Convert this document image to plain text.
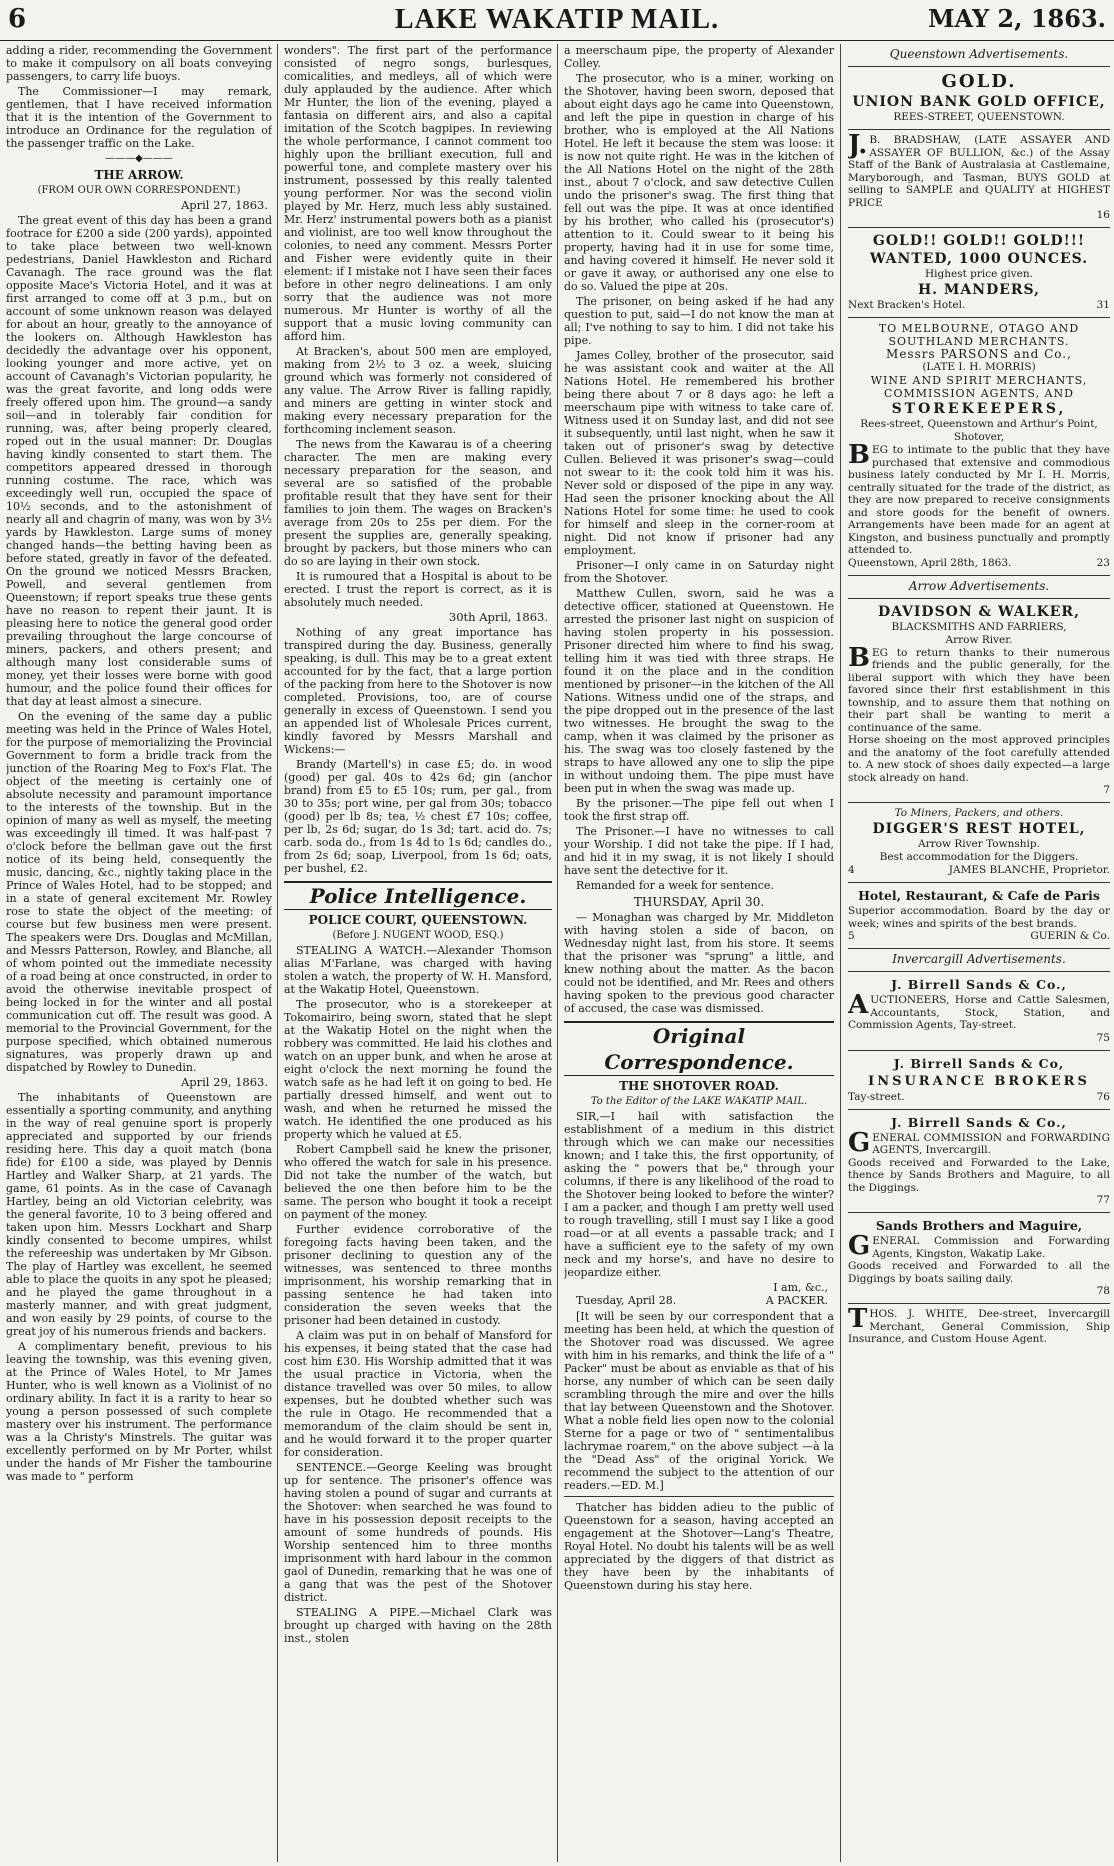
6	LAKE WAKATIP MAIL.	MAY 2, 1863.

adding a rider, recommending the Government to make it compulsory on all boats conveying passengers, to carry life buoys.

The Commissioner—I may remark, gentlemen, that I have received information that it is the intention of the Government to introduce an Ordinance for the regulation of the passenger traffic on the Lake.

———◆———
THE ARROW.
(FROM OUR OWN CORRESPONDENT.)
April 27, 1863.

The great event of this day has been a grand footrace for £200 a side (200 yards), appointed to take place between two well-known pedestrians, Daniel Hawkleston and Richard Cavanagh. The race ground was the flat opposite Mace's Victoria Hotel, and it was at first arranged to come off at 3 p.m., but on account of some unknown reason was delayed for about an hour, greatly to the annoyance of the lookers on. Although Hawkleston has decidedly the advantage over his opponent, looking younger and more active, yet on account of Cavanagh's Victorian popularity, he was the great favorite, and long odds were freely offered upon him. The ground—a sandy soil—and in tolerably fair condition for running, was, after being properly cleared, roped out in the usual manner: Dr. Douglas having kindly consented to start them. The competitors appeared dressed in thorough running costume. The race, which was exceedingly well run, occupied the space of 10½ seconds, and to the astonishment of nearly all and chagrin of many, was won by 3½ yards by Hawkleston. Large sums of money changed hands—the betting having been as before stated, greatly in favor of the defeated. On the ground we noticed Messrs Bracken, Powell, and several gentlemen from Queenstown; if report speaks true these gents have no reason to repent their jaunt. It is pleasing here to notice the general good order prevailing throughout the large concourse of miners, packers, and others present; and although many lost considerable sums of money, yet their losses were borne with good humour, and the police found their offices for that day at least almost a sinecure.

On the evening of the same day a public meeting was held in the Prince of Wales Hotel, for the purpose of memorializing the Provincial Government to form a bridle track from the junction of the Roaring Meg to Fox's Flat. The object of the meeting is certainly one of absolute necessity and paramount importance to the interests of the township. But in the opinion of many as well as myself, the meeting was exceedingly ill timed. It was half-past 7 o'clock before the bellman gave out the first notice of its being held, consequently the music, dancing, &c., nightly taking place in the Prince of Wales Hotel, had to be stopped; and in a state of general excitement Mr. Rowley rose to state the object of the meeting: of course but few business men were present. The speakers were Drs. Douglas and McMillan, and Messrs Patterson, Rowley, and Blanche, all of whom pointed out the immediate necessity of a road being at once constructed, in order to avoid the otherwise inevitable prospect of being locked in for the winter and all postal communication cut off. The result was good. A memorial to the Provincial Government, for the purpose specified, which obtained numerous signatures, was properly drawn up and dispatched by Rowley to Dunedin.

April 29, 1863.

The inhabitants of Queenstown are essentially a sporting community, and anything in the way of real genuine sport is properly appreciated and supported by our friends residing here. This day a quoit match (bona fide) for £100 a side, was played by Dennis Hartley and Walker Sharp, at 21 yards. The game, 61 points. As in the case of Cavanagh Hartley, being an old Victorian celebrity, was the general favorite, 10 to 3 being offered and taken upon him. Messrs Lockhart and Sharp kindly consented to become umpires, whilst the refereeship was undertaken by Mr Gibson. The play of Hartley was excellent, he seemed able to place the quoits in any spot he pleased; and he played the game throughout in a masterly manner, and with great judgment, and won easily by 29 points, of course to the great joy of his numerous friends and backers.

A complimentary benefit, previous to his leaving the township, was this evening given, at the Prince of Wales Hotel, to Mr James Hunter, who is well known as a Violinist of no ordinary ability. In fact it is a rarity to hear so young a person possessed of such complete mastery over his instrument. The performance was a la Christy's Minstrels. The guitar was excellently performed on by Mr Porter, whilst under the hands of Mr Fisher the tambourine was made to " perform

wonders". The first part of the performance consisted of negro songs, burlesques, comicalities, and medleys, all of which were duly applauded by the audience. After which Mr Hunter, the lion of the evening, played a fantasia on different airs, and also a capital imitation of the Scotch bagpipes. In reviewing the whole performance, I cannot comment too highly upon the brilliant execution, full and powerful tone, and complete mastery over his instrument, possessed by this really talented young performer. Nor was the second violin played by Mr. Herz, much less ably sustained. Mr. Herz' instrumental powers both as a pianist and violinist, are too well know throughout the colonies, to need any comment. Messrs Porter and Fisher were evidently quite in their element: if I mistake not I have seen their faces before in other negro delineations. I am only sorry that the audience was not more numerous. Mr Hunter is worthy of all the support that a music loving community can afford him.

At Bracken's, about 500 men are employed, making from 2½ to 3 oz. a week, sluicing ground which was formerly not considered of any value. The Arrow River is falling rapidly, and miners are getting in winter stock and making every necessary preparation for the forthcoming inclement season.

The news from the Kawarau is of a cheering character. The men are making every necessary preparation for the season, and several are so satisfied of the probable profitable result that they have sent for their families to join them. The wages on Bracken's average from 20s to 25s per diem. For the present the supplies are, generally speaking, brought by packers, but those miners who can do so are laying in their own stock.

It is rumoured that a Hospital is about to be erected. I trust the report is correct, as it is absolutely much needed.

30th April, 1863.

Nothing of any great importance has transpired during the day. Business, generally speaking, is dull. This may be to a great extent accounted for by the fact, that a large portion of the packing from here to the Shotover is now completed. Provisions, too, are of course generally in excess of Queenstown. I send you an appended list of Wholesale Prices current, kindly favored by Messrs Marshall and Wickens:—

Brandy (Martell's) in case £5; do. in wood (good) per gal. 40s to 42s 6d; gin (anchor brand) from £5 to £5 10s; rum, per gal., from 30 to 35s; port wine, per gal from 30s; tobacco (good) per lb 8s; tea, ½ chest £7 10s; coffee, per lb, 2s 6d; sugar, do 1s 3d; tart. acid do. 7s; carb. soda do., from 1s 4d to 1s 6d; candles do., from 2s 6d; soap, Liverpool, from 1s 6d; oats, per bushel, £2.

Police Intelligence.
POLICE COURT, QUEENSTOWN.
(Before J. NUGENT WOOD, ESQ.)

STEALING A WATCH.—Alexander Thomson alias M'Farlane, was charged with having stolen a watch, the property of W. H. Mansford, at the Wakatip Hotel, Queenstown.

The prosecutor, who is a storekeeper at Tokomairiro, being sworn, stated that he slept at the Wakatip Hotel on the night when the robbery was committed. He laid his clothes and watch on an upper bunk, and when he arose at eight o'clock the next morning he found the watch safe as he had left it on going to bed. He partially dressed himself, and went out to wash, and when he returned he missed the watch. He identified the one produced as his property which he valued at £5.

Robert Campbell said he knew the prisoner, who offered the watch for sale in his presence. Did not take the number of the watch, but believed the one then before him to be the same. The person who bought it took a receipt on payment of the money.

Further evidence corroborative of the foregoing facts having been taken, and the prisoner declining to question any of the witnesses, was sentenced to three months imprisonment, his worship remarking that in passing sentence he had taken into consideration the seven weeks that the prisoner had been detained in custody.

A claim was put in on behalf of Mansford for his expenses, it being stated that the case had cost him £30. His Worship admitted that it was the usual practice in Victoria, when the distance travelled was over 50 miles, to allow expenses, but he doubted whether such was the rule in Otago. He recommended that a memorandum of the claim should be sent in, and he would forward it to the proper quarter for consideration.

SENTENCE.—George Keeling was brought up for sentence. The prisoner's offence was having stolen a pound of sugar and currants at the Shotover: when searched he was found to have in his possession deposit receipts to the amount of some hundreds of pounds. His Worship sentenced him to three months imprisonment with hard labour in the common gaol of Dunedin, remarking that he was one of a gang that was the pest of the Shotover district.

STEALING A PIPE.—Michael Clark was brought up charged with having on the 28th inst., stolen

a meerschaum pipe, the property of Alexander Colley.

The prosecutor, who is a miner, working on the Shotover, having been sworn, deposed that about eight days ago he came into Queenstown, and left the pipe in question in charge of his brother, who is employed at the All Nations Hotel. He left it because the stem was loose: it is now not quite right. He was in the kitchen of the All Nations Hotel on the night of the 28th inst., about 7 o'clock, and saw detective Cullen undo the prisoner's swag. The first thing that fell out was the pipe. It was at once identified by his brother, who called his (prosecutor's) attention to it. Could swear to it being his property, having had it in use for some time, and having covered it himself. He never sold it or gave it away, or authorised any one else to do so. Valued the pipe at 20s.

The prisoner, on being asked if he had any question to put, said—I do not know the man at all; I've nothing to say to him. I did not take his pipe.

James Colley, brother of the prosecutor, said he was assistant cook and waiter at the All Nations Hotel. He remembered his brother being there about 7 or 8 days ago: he left a meerschaum pipe with witness to take care of. Witness used it on Sunday last, and did not see it subsequently, until last night, when he saw it taken out of prisoner's swag by detective Cullen. Believed it was prisoner's swag—could not swear to it: the cook told him it was his. Never sold or disposed of the pipe in any way. Had seen the prisoner knocking about the All Nations Hotel for some time: he used to cook for himself and sleep in the corner-room at night. Did not know if prisoner had any employment.

Prisoner—I only came in on Saturday night from the Shotover.

Matthew Cullen, sworn, said he was a detective officer, stationed at Queenstown. He arrested the prisoner last night on suspicion of having stolen property in his possession. Prisoner directed him where to find his swag, telling him it was tied with three straps. He found it on the place and in the condition mentioned by prisoner—in the kitchen of the All Nations. Witness undid one of the straps, and the pipe dropped out in the presence of the last two witnesses. He brought the swag to the camp, when it was claimed by the prisoner as his. The swag was too closely fastened by the straps to have allowed any one to slip the pipe in without undoing them. The pipe must have been put in when the swag was made up.

By the prisoner.—The pipe fell out when I took the first strap off.

The Prisoner.—I have no witnesses to call your Worship. I did not take the pipe. If I had, and hid it in my swag, it is not likely I should have sent the detective for it.

Remanded for a week for sentence.

THURSDAY, April 30.

— Monaghan was charged by Mr. Middleton with having stolen a side of bacon, on Wednesday night last, from his store. It seems that the prisoner was "sprung" a little, and knew nothing about the matter. As the bacon could not be identified, and Mr. Rees and others having spoken to the previous good character of accused, the case was dismissed.

Original Correspondence.
THE SHOTOVER ROAD.
To the Editor of the LAKE WAKATIP MAIL.

SIR,—I hail with satisfaction the establishment of a medium in this district through which we can make our necessities known; and I take this, the first opportunity, of asking the " powers that be," through your columns, if there is any likelihood of the road to the Shotover being looked to before the winter? I am a packer, and though I am pretty well used to rough travelling, still I must say I like a good road—or at all events a passable track; and I have a sufficient eye to the safety of my own neck and my horse's, and have no desire to jeopardize either.

I am, &c.,
Tuesday, April 28.	A PACKER.

[It will be seen by our correspondent that a meeting has been held, at which the question of the Shotover road was discussed. We agree with him in his remarks, and think the life of a " Packer" must be about as enviable as that of his horse, any number of which can be seen daily scrambling through the mire and over the hills that lay between Queenstown and the Shotover. What a noble field lies open now to the colonial Sterne for a page or two of " sentimentalibus lachrymae roarem," on the above subject —à la the "Dead Ass" of the original Yorick. We recommend the subject to the attention of our readers.—ED. M.]

Thatcher has bidden adieu to the public of Queenstown for a season, having accepted an engagement at the Shotover—Lang's Theatre, Royal Hotel. No doubt his talents will be as well appreciated by the diggers of that district as they have been by the inhabitants of Queenstown during his stay here.

Queenstown Advertisements.
GOLD.
UNION BANK GOLD OFFICE,
REES-STREET, QUEENSTOWN.
J.B. BRADSHAW, (LATE ASSAYER AND ASSAYER OF BULLION, &c.) of the Assay Staff of the Bank of Australasia at Castlemaine, Maryborough, and Tasman, BUYS GOLD at selling to SAMPLE and QUALITY at HIGHEST PRICE
16
GOLD!! GOLD!! GOLD!!!
WANTED, 1000 OUNCES.
Highest price given.
H. MANDERS,
Next Bracken's Hotel.	31
TO MELBOURNE, OTAGO AND SOUTHLAND MERCHANTS.
Messrs PARSONS and Co.,
(LATE I. H. MORRIS)
WINE AND SPIRIT MERCHANTS, COMMISSION AGENTS, AND
STOREKEEPERS,
Rees-street, Queenstown and Arthur's Point, Shotover,
BEG to intimate to the public that they have purchased that extensive and commodious business lately conducted by Mr I. H. Morris, centrally situated for the trade of the district, as they are now prepared to receive consignments and store goods for the benefit of owners. Arrangements have been made for an agent at Kingston, and business punctually and promptly attended to.
Queenstown, April 28th, 1863.	23
Arrow Advertisements.
DAVIDSON & WALKER,
BLACKSMITHS AND FARRIERS,
Arrow River.
BEG to return thanks to their numerous friends and the public generally, for the liberal support with which they have been favored since their first establishment in this township, and to assure them that nothing on their part shall be wanting to merit a continuance of the same.
Horse shoeing on the most approved principles and the anatomy of the foot carefully attended to. A new stock of shoes daily expected—a large stock already on hand.
7
To Miners, Packers, and others.
DIGGER'S REST HOTEL,
Arrow River Township.
Best accommodation for the Diggers.
4	JAMES BLANCHE, Proprietor.
Hotel, Restaurant, & Cafe de Paris
Superior accommodation. Board by the day or week; wines and spirits of the best brands.
5	GUERIN & Co.
Invercargill Advertisements.
J. Birrell Sands & Co.,
AUCTIONEERS, Horse and Cattle Salesmen, Accountants, Stock, Station, and Commission Agents, Tay-street.
75
J. Birrell Sands & Co,
INSURANCE BROKERS
Tay-street.	76
J. Birrell Sands & Co.,
GENERAL COMMISSION and FORWARDING AGENTS, Invercargill.
Goods received and Forwarded to the Lake, thence by Sands Brothers and Maguire, to all the Diggings.
77
Sands Brothers and Maguire,
GENERAL Commission and Forwarding Agents, Kingston, Wakatip Lake.
Goods received and Forwarded to all the Diggings by boats sailing daily.
78
THOS. J. WHITE, Dee-street, Invercargill Merchant, General Commission, Ship Insurance, and Custom House Agent.
